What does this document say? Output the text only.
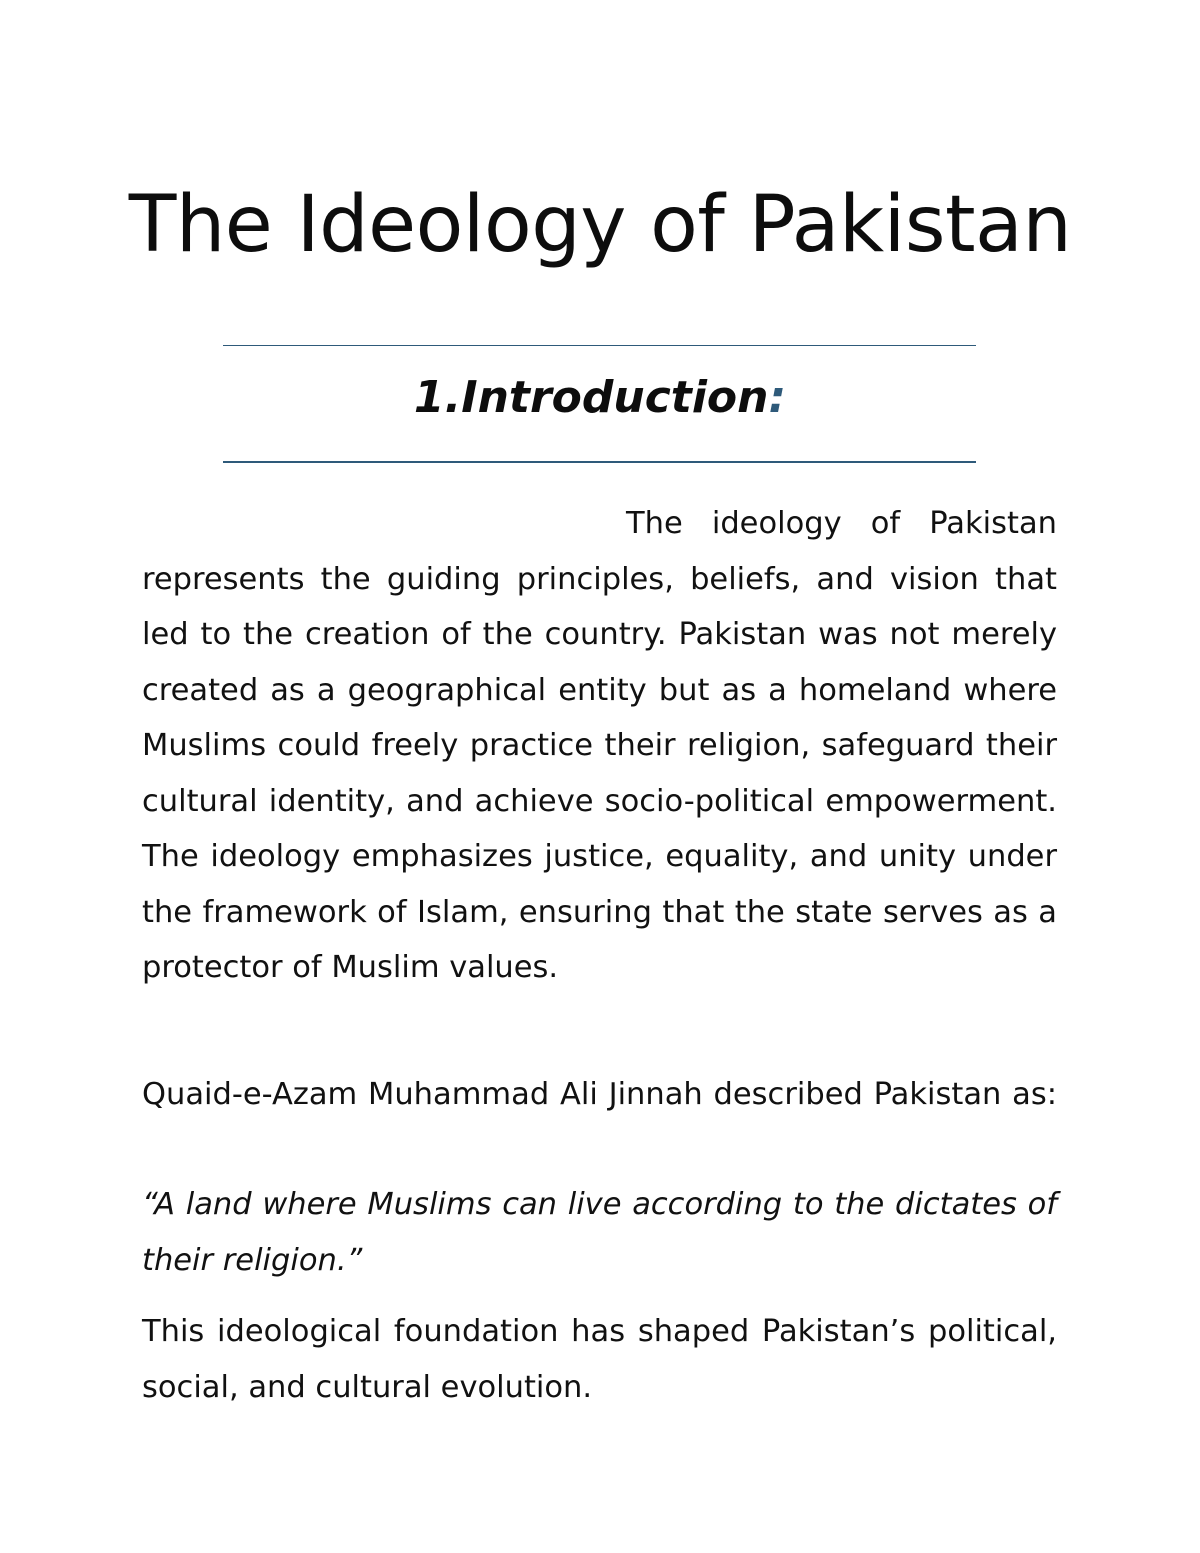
The Ideology of Pakistan
1.Introduction:

The ideology of Pakistan represents the guiding principles, beliefs, and vision that led to the creation of the country. Pakistan was not merely created as a geographical entity but as a homeland where Muslims could freely practice their religion, safeguard their cultural identity, and achieve socio-political empowerment. The ideology emphasizes justice, equality, and unity under the framework of Islam, ensuring that the state serves as a protector of Muslim values.

Quaid-e-Azam Muhammad Ali Jinnah described Pakistan as:

“A land where Muslims can live according to the dictates of their religion.”

This ideological foundation has shaped Pakistan’s political, social, and cultural evolution.
